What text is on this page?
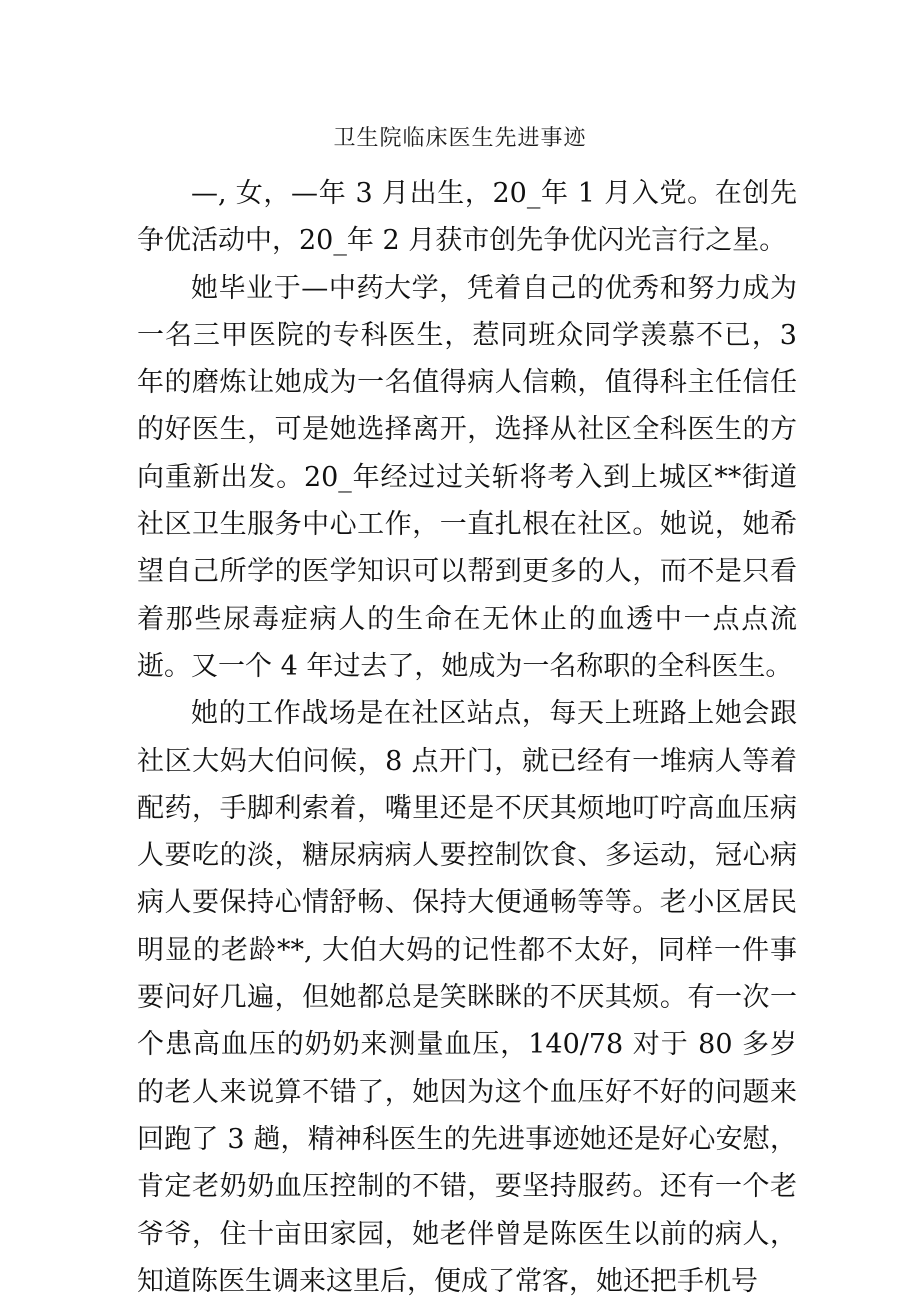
卫生院临床医生先进事迹

—, 女，—年 3 月出生，20_年 1 月入党。在创先争优活动中，20_年 2 月获市创先争优闪光言行之星。

她毕业于—中药大学，凭着自己的优秀和努力成为一名三甲医院的专科医生，惹同班众同学羡慕不已，3 年的磨炼让她成为一名值得病人信赖，值得科主任信任的好医生，可是她选择离开，选择从社区全科医生的方向重新出发。20_年经过过关斩将考入到上城区**街道社区卫生服务中心工作，一直扎根在社区。她说，她希望自己所学的医学知识可以帮到更多的人，而不是只看着那些尿毒症病人的生命在无休止的血透中一点点流逝。又一个 4 年过去了，她成为一名称职的全科医生。

她的工作战场是在社区站点，每天上班路上她会跟社区大妈大伯问候，8 点开门，就已经有一堆病人等着配药，手脚利索着，嘴里还是不厌其烦地叮咛高血压病人要吃的淡，糖尿病病人要控制饮食、多运动，冠心病病人要保持心情舒畅、保持大便通畅等等。老小区居民明显的老龄**, 大伯大妈的记性都不太好，同样一件事要问好几遍，但她都总是笑眯眯的不厌其烦。有一次一个患高血压的奶奶来测量血压，140/78 对于 80 多岁的老人来说算不错了，她因为这个血压好不好的问题来回跑了 3 趟，精神科医生的先进事迹她还是好心安慰，肯定老奶奶血压控制的不错，要坚持服药。还有一个老爷爷，住十亩田家园，她老伴曾是陈医生以前的病人，知道陈医生调来这里后，便成了常客，她还把手机号
